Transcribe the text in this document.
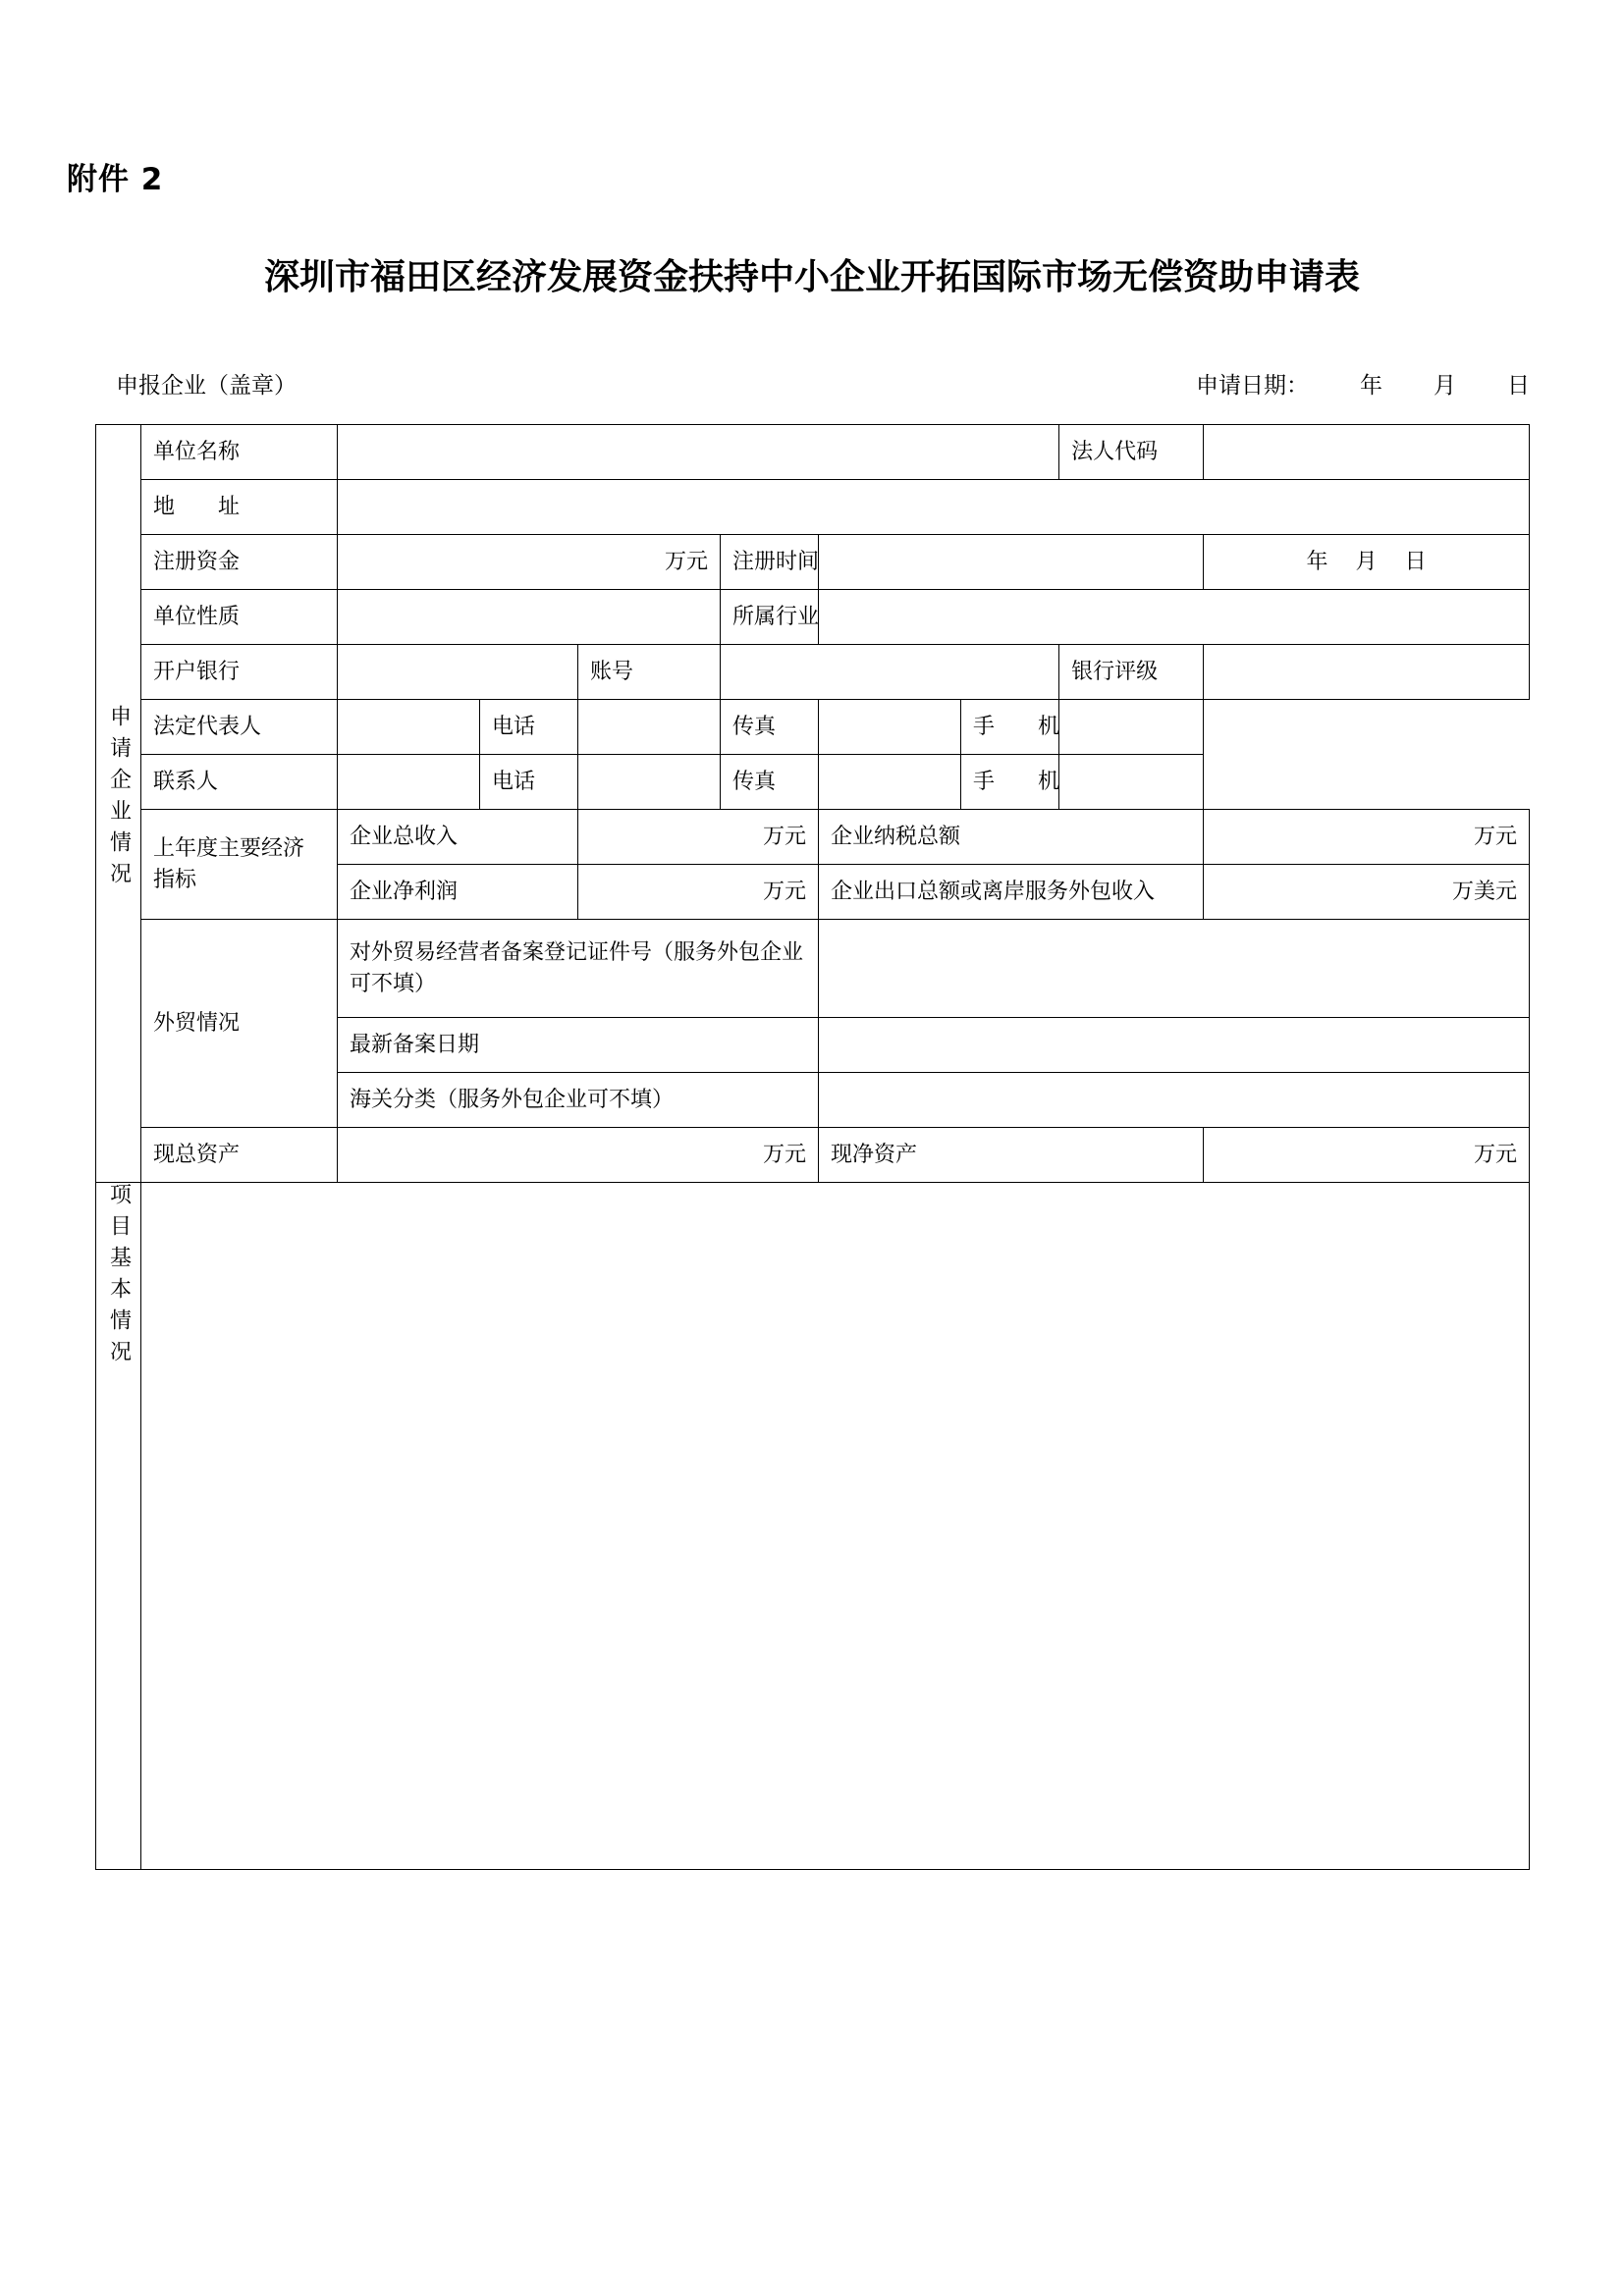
附件 2
深圳市福田区经济发展资金扶持中小企业开拓国际市场无偿资助申请表
申报企业（盖章）	申请日期： 年 月 日
申请企业情况	单位名称							法人代码	
	地　　址								
	注册资金	万元			注册时间				年 月 日
	单位性质				所属行业				
	开户银行			账号				银行评级	
	法定代表人		电话		传真		手　　机		
	联系人		电话		传真		手　　机		
	上年度主要经济指标	企业总收入		万元		企业纳税总额			万元
		企业净利润		万元		企业出口总额或离岸服务外包收入			万美元
	外贸情况	对外贸易经营者备案登记证件号（服务外包企业可不填）							
		最新备案日期							
		海关分类（服务外包企业可不填）							
	现总资产	万元				现净资产			万元
项目基本情况									
